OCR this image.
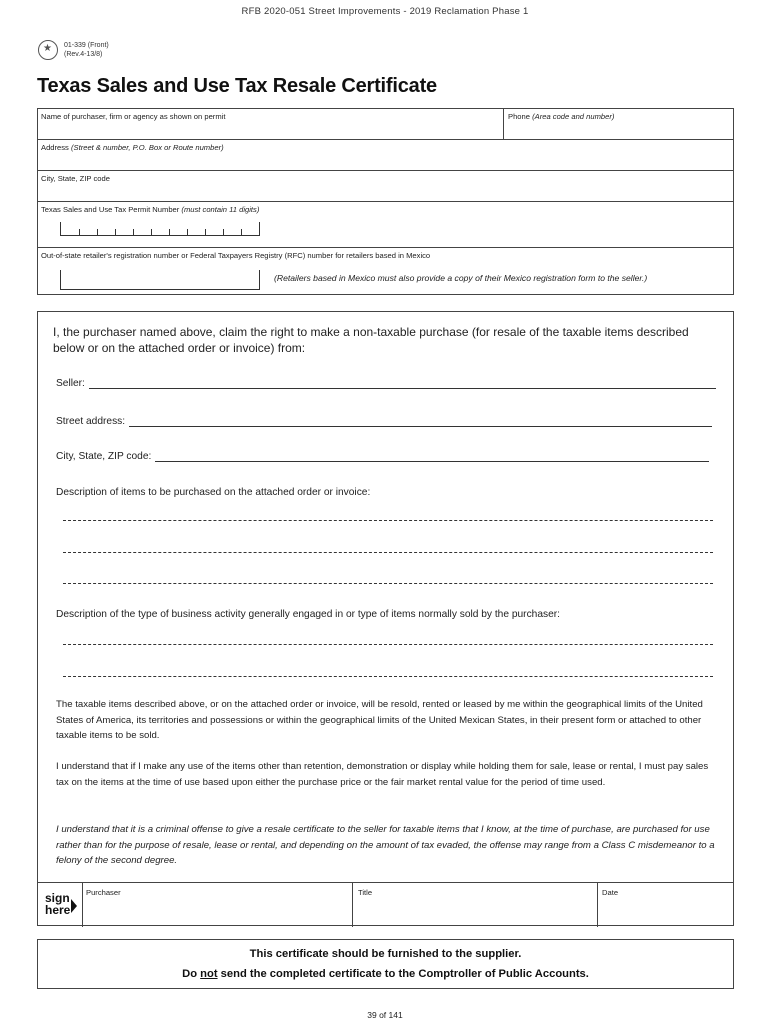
RFB 2020-051 Street Improvements - 2019 Reclamation Phase 1
★
01-339 (Front)
(Rev.4-13/8)
Texas Sales and Use Tax Resale Certificate
Name of purchaser, firm or agency as shown on permit	Phone (Area code and number)
Address (Street & number, P.O. Box or Route number)
City, State, ZIP code
Texas Sales and Use Tax Permit Number (must contain 11 digits)
Out-of-state retailer's registration number or Federal Taxpayers Registry (RFC) number for retailers based in Mexico
(Retailers based in Mexico must also provide a copy of their Mexico registration form to the seller.)
I, the purchaser named above, claim the right to make a non-taxable purchase (for resale of the taxable items described below or on the attached order or invoice) from:
Seller:
Street address:
City, State, ZIP code:
Description of items to be purchased on the attached order or invoice:
Description of the type of business activity generally engaged in or type of items normally sold by the purchaser:
The taxable items described above, or on the attached order or invoice, will be resold, rented or leased by me within the geographical limits of the United States of America, its territories and possessions or within the geographical limits of the United Mexican States, in their present form or attached to other taxable items to be sold.
I understand that if I make any use of the items other than retention, demonstration or display while holding them for sale, lease or rental, I must pay sales tax on the items at the time of use based upon either the purchase price or the fair market rental value for the period of time used.
I understand that it is a criminal offense to give a resale certificate to the seller for taxable items that I know, at the time of purchase, are purchased for use rather than for the purpose of resale, lease or rental, and depending on the amount of tax evaded, the offense may range from a Class C misdemeanor to a felony of the second degree.
sign
here
Purchaser	Title	Date
This certificate should be furnished to the supplier.
Do not send the completed certificate to the Comptroller of Public Accounts.
39 of 141
